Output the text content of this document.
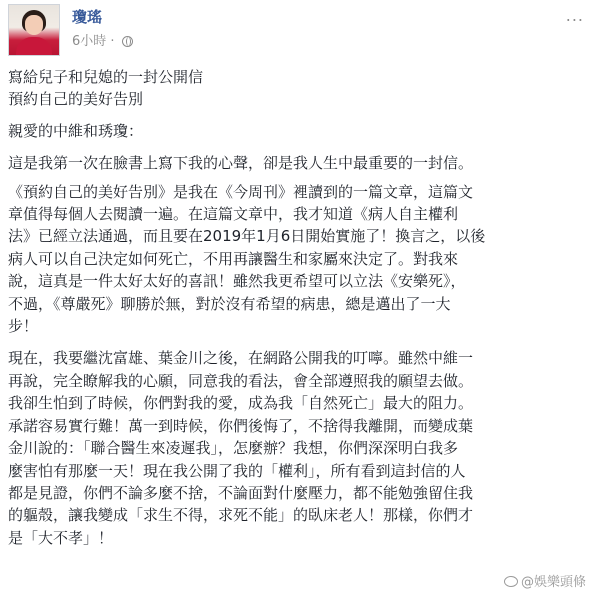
瓊瑤
6小時 ·
...

寫給兒子和兒媳的一封公開信

預約自己的美好告別

親愛的中維和琇瓊：

這是我第一次在臉書上寫下我的心聲，卻是我人生中最重要的一封信。

《預約自己的美好告別》是我在《今周刊》裡讀到的一篇文章，這篇文

章值得每個人去閱讀一遍。在這篇文章中，我才知道《病人自主權利

法》已經立法通過，而且要在2019年1月6日開始實施了！換言之，以後

病人可以自己決定如何死亡，不用再讓醫生和家屬來決定了。對我來

說，這真是一件太好太好的喜訊！雖然我更希望可以立法《安樂死》，

不過，《尊嚴死》聊勝於無，對於沒有希望的病患，總是邁出了一大

步！

現在，我要繼沈富雄、葉金川之後，在網路公開我的叮嚀。雖然中維一

再說，完全瞭解我的心願，同意我的看法，會全部遵照我的願望去做。

我卻生怕到了時候，你們對我的愛，成為我「自然死亡」最大的阻力。

承諾容易實行難！萬一到時候，你們後悔了，不捨得我離開，而變成葉

金川說的：「聯合醫生來凌遲我」，怎麼辦？我想，你們深深明白我多

麼害怕有那麼一天！現在我公開了我的「權利」，所有看到這封信的人

都是見證，你們不論多麼不捨，不論面對什麼壓力，都不能勉強留住我

的軀殼，讓我變成「求生不得，求死不能」的臥床老人！那樣，你們才

是「大不孝」！

@娛樂頭條
